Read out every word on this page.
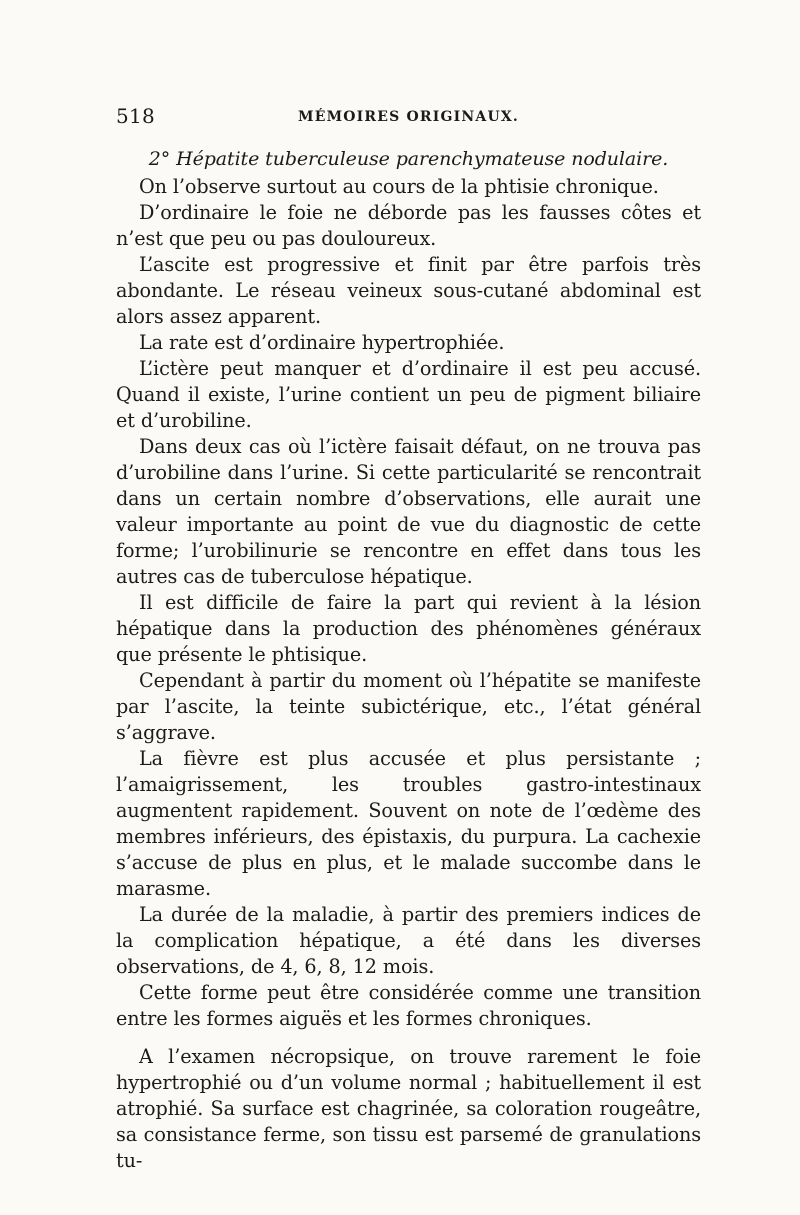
518	MÉMOIRES ORIGINAUX.

2° Hépatite tuberculeuse parenchymateuse nodulaire.

On l’observe surtout au cours de la phtisie chronique.

D’ordinaire le foie ne déborde pas les fausses côtes et n’est que peu ou pas douloureux.

L’ascite est progressive et finit par être parfois très abondante. Le réseau veineux sous-cutané abdominal est alors assez apparent.

La rate est d’ordinaire hypertrophiée.

L’ictère peut manquer et d’ordinaire il est peu accusé. Quand il existe, l’urine contient un peu de pigment biliaire et d’urobiline.

Dans deux cas où l’ictère faisait défaut, on ne trouva pas d’urobiline dans l’urine. Si cette particularité se rencontrait dans un certain nombre d’observations, elle aurait une valeur importante au point de vue du diagnostic de cette forme; l’urobilinurie se rencontre en effet dans tous les autres cas de tuberculose hépatique.

Il est difficile de faire la part qui revient à la lésion hépatique dans la production des phénomènes généraux que présente le phtisique.

Cependant à partir du moment où l’hépatite se manifeste par l’ascite, la teinte subictérique, etc., l’état général s’aggrave.

La fièvre est plus accusée et plus persistante ; l’amaigrissement, les troubles gastro-intestinaux augmentent rapidement. Souvent on note de l’œdème des membres inférieurs, des épistaxis, du purpura. La cachexie s’accuse de plus en plus, et le malade succombe dans le marasme.

La durée de la maladie, à partir des premiers indices de la complication hépatique, a été dans les diverses observations, de 4, 6, 8, 12 mois.

Cette forme peut être considérée comme une transition entre les formes aiguës et les formes chroniques.

A l’examen nécropsique, on trouve rarement le foie hypertrophié ou d’un volume normal ; habituellement il est atrophié. Sa surface est chagrinée, sa coloration rougeâtre, sa consistance ferme, son tissu est parsemé de granulations tu-
